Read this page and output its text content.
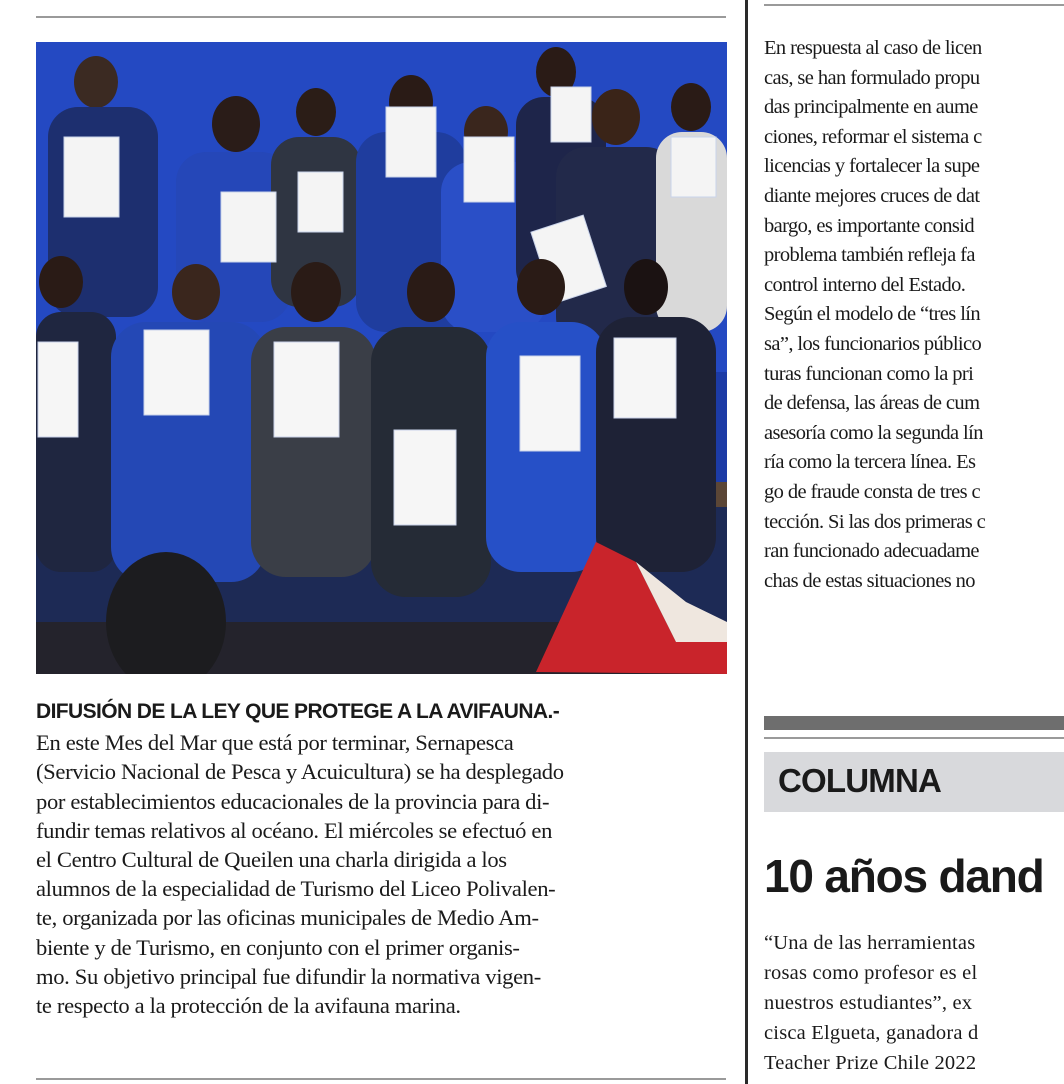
DIFUSIÓN DE LA LEY QUE PROTEGE A LA AVIFAUNA.-
En este Mes del Mar que está por terminar, Sernapesca
(Servicio Nacional de Pesca y Acuicultura) se ha desplegado
por establecimientos educacionales de la provincia para di-
fundir temas relativos al océano. El miércoles se efectuó en
el Centro Cultural de Queilen una charla dirigida a los
alumnos de la especialidad de Turismo del Liceo Polivalen-
te, organizada por las oficinas municipales de Medio Am-
biente y de Turismo, en conjunto con el primer organis-
mo. Su objetivo principal fue difundir la normativa vigen-
te respecto a la protección de la avifauna marina.
En respuesta al caso de licen
cas, se han formulado propu
das principalmente en aume
ciones, reformar el sistema c
licencias y fortalecer la supe
diante mejores cruces de dat
bargo, es importante consid
problema también refleja fa
control interno del Estado.
Según el modelo de “tres lín
sa”, los funcionarios público
turas funcionan como la pri
de defensa, las áreas de cum
asesoría como la segunda lín
ría como la tercera línea. Es
go de fraude consta de tres c
tección. Si las dos primeras c
ran funcionado adecuadame
chas de estas situaciones no
COLUMNA
10 años dand
“Una de las herramientas
rosas como profesor es el
nuestros estudiantes”, ex
cisca Elgueta, ganadora d
Teacher Prize Chile 2022
